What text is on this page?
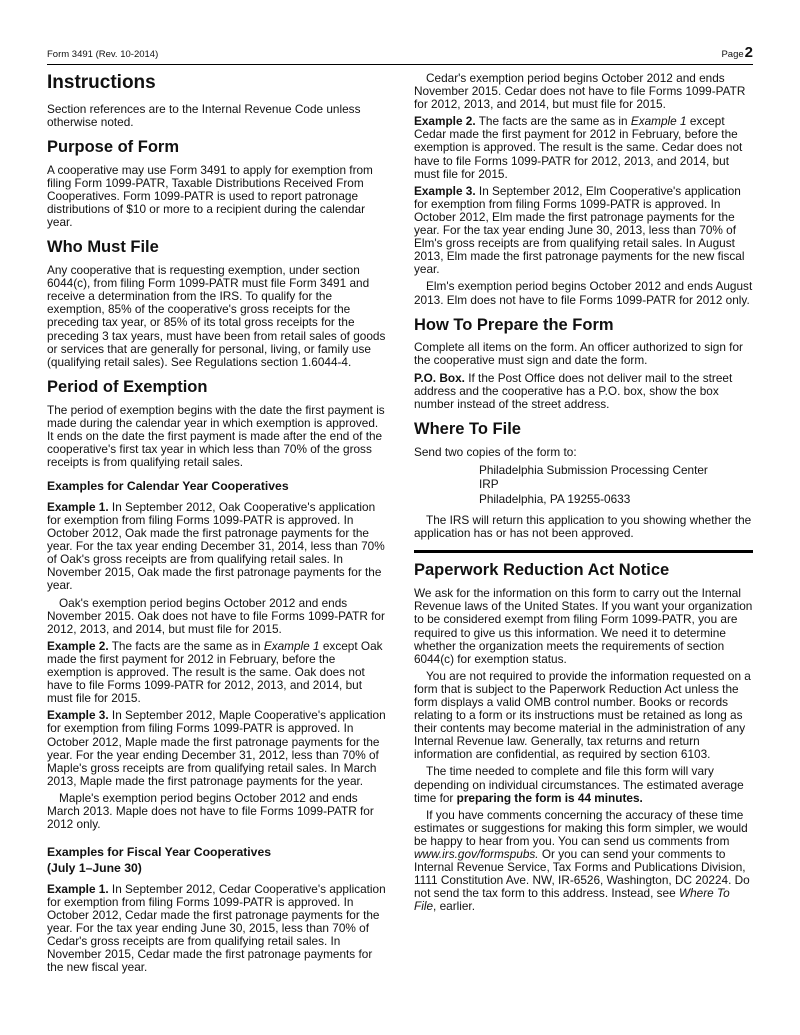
Form 3491 (Rev. 10-2014)	Page2
Instructions

Section references are to the Internal Revenue Code unless otherwise noted.

Purpose of Form

A cooperative may use Form 3491 to apply for exemption from filing Form 1099-PATR, Taxable Distributions Received From Cooperatives. Form 1099-PATR is used to report patronage distributions of $10 or more to a recipient during the calendar year.

Who Must File

Any cooperative that is requesting exemption, under section 6044(c), from filing Form 1099-PATR must file Form 3491 and receive a determination from the IRS. To qualify for the exemption, 85% of the cooperative's gross receipts for the preceding tax year, or 85% of its total gross receipts for the preceding 3 tax years, must have been from retail sales of goods or services that are generally for personal, living, or family use (qualifying retail sales). See Regulations section 1.6044-4.

Period of Exemption

The period of exemption begins with the date the first payment is made during the calendar year in which exemption is approved. It ends on the date the first payment is made after the end of the cooperative's first tax year in which less than 70% of the gross receipts is from qualifying retail sales.

Examples for Calendar Year Cooperatives

Example 1. In September 2012, Oak Cooperative's application for exemption from filing Forms 1099-PATR is approved. In October 2012, Oak made the first patronage payments for the year. For the tax year ending December 31, 2014, less than 70% of Oak's gross receipts are from qualifying retail sales. In November 2015, Oak made the first patronage payments for the year.

Oak's exemption period begins October 2012 and ends November 2015. Oak does not have to file Forms 1099-PATR for 2012, 2013, and 2014, but must file for 2015.

Example 2. The facts are the same as in Example 1 except Oak made the first payment for 2012 in February, before the exemption is approved. The result is the same. Oak does not have to file Forms 1099-PATR for 2012, 2013, and 2014, but must file for 2015.

Example 3. In September 2012, Maple Cooperative's application for exemption from filing Forms 1099-PATR is approved. In October 2012, Maple made the first patronage payments for the year. For the year ending December 31, 2012, less than 70% of Maple's gross receipts are from qualifying retail sales. In March 2013, Maple made the first patronage payments for the year.

Maple's exemption period begins October 2012 and ends March 2013. Maple does not have to file Forms 1099-PATR for 2012 only.

Examples for Fiscal Year Cooperatives
(July 1–June 30)

Example 1. In September 2012, Cedar Cooperative's application for exemption from filing Forms 1099-PATR is approved. In October 2012, Cedar made the first patronage payments for the year. For the tax year ending June 30, 2015, less than 70% of Cedar's gross receipts are from qualifying retail sales. In November 2015, Cedar made the first patronage payments for the new fiscal year.

Cedar's exemption period begins October 2012 and ends November 2015. Cedar does not have to file Forms 1099-PATR for 2012, 2013, and 2014, but must file for 2015.

Example 2. The facts are the same as in Example 1 except Cedar made the first payment for 2012 in February, before the exemption is approved. The result is the same. Cedar does not have to file Forms 1099-PATR for 2012, 2013, and 2014, but must file for 2015.

Example 3. In September 2012, Elm Cooperative's application for exemption from filing Forms 1099-PATR is approved. In October 2012, Elm made the first patronage payments for the year. For the tax year ending June 30, 2013, less than 70% of Elm's gross receipts are from qualifying retail sales. In August 2013, Elm made the first patronage payments for the new fiscal year.

Elm's exemption period begins October 2012 and ends August 2013. Elm does not have to file Forms 1099-PATR for 2012 only.

How To Prepare the Form

Complete all items on the form. An officer authorized to sign for the cooperative must sign and date the form.

P.O. Box. If the Post Office does not deliver mail to the street address and the cooperative has a P.O. box, show the box number instead of the street address.

Where To File

Send two copies of the form to:

Philadelphia Submission Processing Center
IRP
Philadelphia, PA 19255-0633

The IRS will return this application to you showing whether the application has or has not been approved.

Paperwork Reduction Act Notice

We ask for the information on this form to carry out the Internal Revenue laws of the United States. If you want your organization to be considered exempt from filing Form 1099-PATR, you are required to give us this information. We need it to determine whether the organization meets the requirements of section 6044(c) for exemption status.

You are not required to provide the information requested on a form that is subject to the Paperwork Reduction Act unless the form displays a valid OMB control number. Books or records relating to a form or its instructions must be retained as long as their contents may become material in the administration of any Internal Revenue law. Generally, tax returns and return information are confidential, as required by section 6103.

The time needed to complete and file this form will vary depending on individual circumstances. The estimated average time for preparing the form is 44 minutes.

If you have comments concerning the accuracy of these time estimates or suggestions for making this form simpler, we would be happy to hear from you. You can send us comments from www.irs.gov/formspubs. Or you can send your comments to Internal Revenue Service, Tax Forms and Publications Division, 1111 Constitution Ave. NW, IR-6526, Washington, DC 20224. Do not send the tax form to this address. Instead, see Where To File, earlier.
